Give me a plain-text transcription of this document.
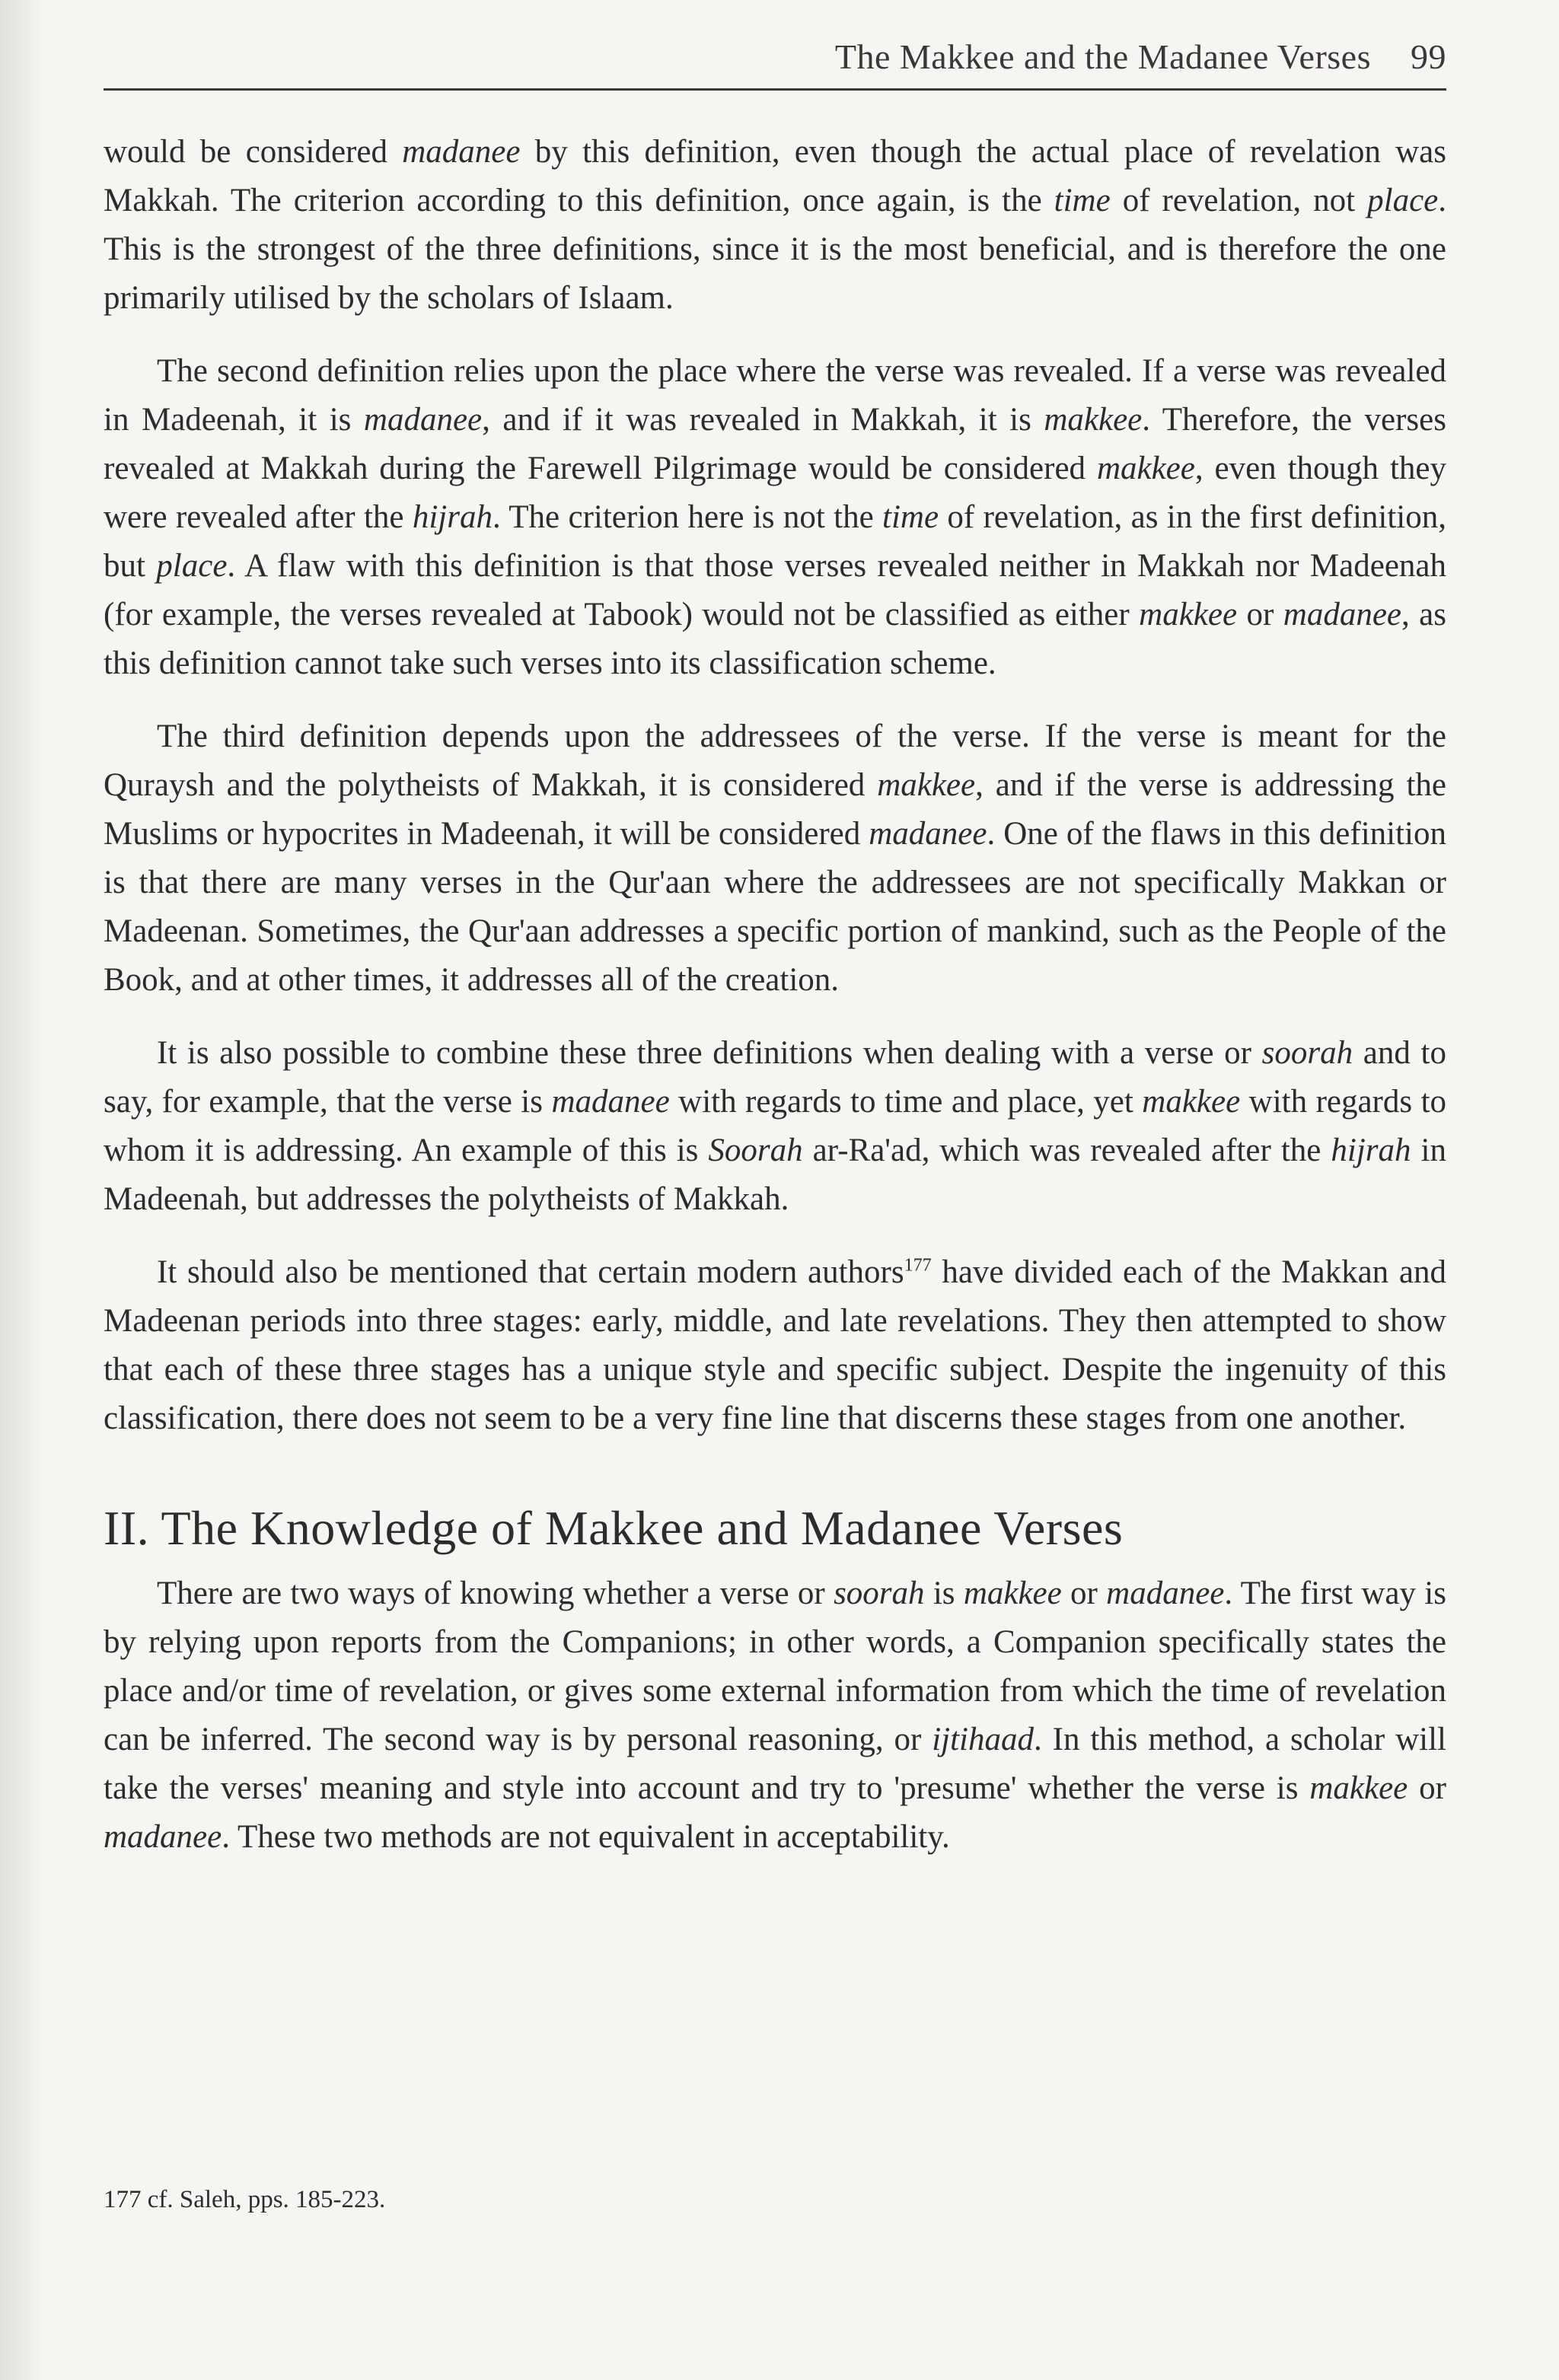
The Makkee and the Madanee Verses 99

would be considered madanee by this definition, even though the actual place of revelation was Makkah. The criterion according to this definition, once again, is the time of revelation, not place. This is the strongest of the three definitions, since it is the most beneficial, and is therefore the one primarily utilised by the scholars of Islaam.

The second definition relies upon the place where the verse was revealed. If a verse was revealed in Madeenah, it is madanee, and if it was revealed in Makkah, it is makkee. Therefore, the verses revealed at Makkah during the Farewell Pilgrimage would be considered makkee, even though they were revealed after the hijrah. The criterion here is not the time of revelation, as in the first definition, but place. A flaw with this definition is that those verses revealed neither in Makkah nor Madeenah (for example, the verses revealed at Tabook) would not be classified as either makkee or madanee, as this definition cannot take such verses into its classification scheme.

The third definition depends upon the addressees of the verse. If the verse is meant for the Quraysh and the polytheists of Makkah, it is considered makkee, and if the verse is addressing the Muslims or hypocrites in Madeenah, it will be considered madanee. One of the flaws in this definition is that there are many verses in the Qur'aan where the addressees are not specifically Makkan or Madeenan. Sometimes, the Qur'aan addresses a specific portion of mankind, such as the People of the Book, and at other times, it addresses all of the creation.

It is also possible to combine these three definitions when dealing with a verse or soorah and to say, for example, that the verse is madanee with regards to time and place, yet makkee with regards to whom it is addressing. An example of this is Soorah ar-Ra'ad, which was revealed after the hijrah in Madeenah, but addresses the polytheists of Makkah.

It should also be mentioned that certain modern authors$^{177}$ have divided each of the Makkan and Madeenan periods into three stages: early, middle, and late revelations. They then attempted to show that each of these three stages has a unique style and specific subject. Despite the ingenuity of this classification, there does not seem to be a very fine line that discerns these stages from one another.

II. The Knowledge of Makkee and Madanee Verses

There are two ways of knowing whether a verse or soorah is makkee or madanee. The first way is by relying upon reports from the Companions; in other words, a Companion specifically states the place and/or time of revelation, or gives some external information from which the time of revelation can be inferred. The second way is by personal reasoning, or ijtihaad. In this method, a scholar will take the verses' meaning and style into account and try to 'presume' whether the verse is makkee or madanee. These two methods are not equivalent in acceptability.

177 cf. Saleh, pps. 185-223.
